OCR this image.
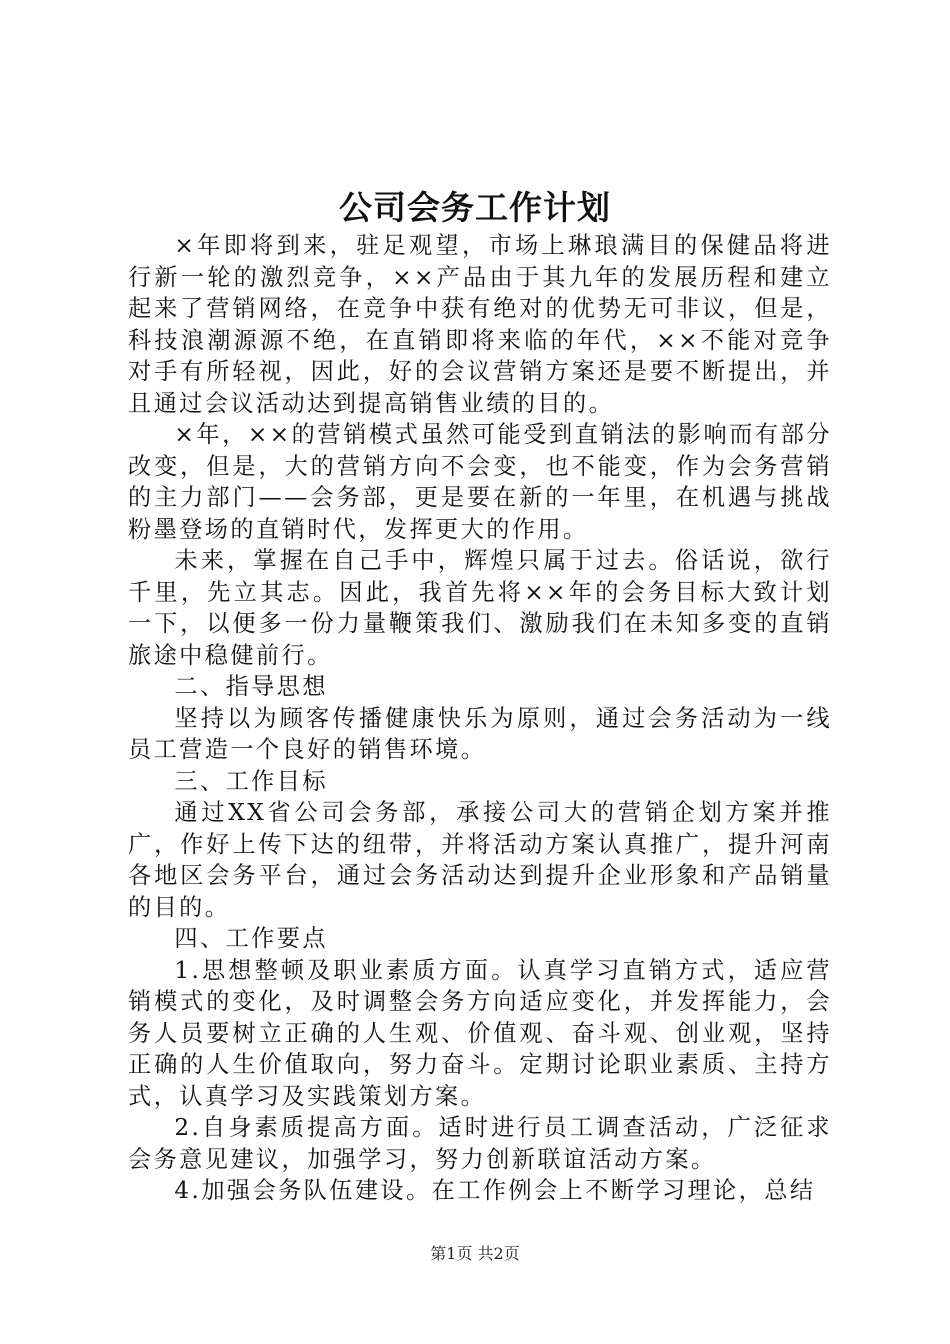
公司会务工作计划

×年即将到来，驻足观望，市场上琳琅满目的保健品将进行新一轮的激烈竞争，××产品由于其九年的发展历程和建立起来了营销网络，在竞争中获有绝对的优势无可非议，但是，科技浪潮源源不绝，在直销即将来临的年代，××不能对竞争对手有所轻视，因此，好的会议营销方案还是要不断提出，并且通过会议活动达到提高销售业绩的目的。

×年，××的营销模式虽然可能受到直销法的影响而有部分改变，但是，大的营销方向不会变，也不能变，作为会务营销的主力部门——会务部，更是要在新的一年里，在机遇与挑战粉墨登场的直销时代，发挥更大的作用。

未来，掌握在自己手中，辉煌只属于过去。俗话说，欲行千里，先立其志。因此，我首先将××年的会务目标大致计划一下，以便多一份力量鞭策我们、激励我们在未知多变的直销旅途中稳健前行。

二、指导思想

坚持以为顾客传播健康快乐为原则，通过会务活动为一线员工营造一个良好的销售环境。

三、工作目标

通过XX省公司会务部，承接公司大的营销企划方案并推广，作好上传下达的纽带，并将活动方案认真推广，提升河南各地区会务平台，通过会务活动达到提升企业形象和产品销量的目的。

四、工作要点

1.思想整顿及职业素质方面。认真学习直销方式，适应营销模式的变化，及时调整会务方向适应变化，并发挥能力，会务人员要树立正确的人生观、价值观、奋斗观、创业观，坚持正确的人生价值取向，努力奋斗。定期讨论职业素质、主持方式，认真学习及实践策划方案。

2.自身素质提高方面。适时进行员工调查活动，广泛征求会务意见建议，加强学习，努力创新联谊活动方案。

4.加强会务队伍建设。在工作例会上不断学习理论，总结

第1页 共2页
